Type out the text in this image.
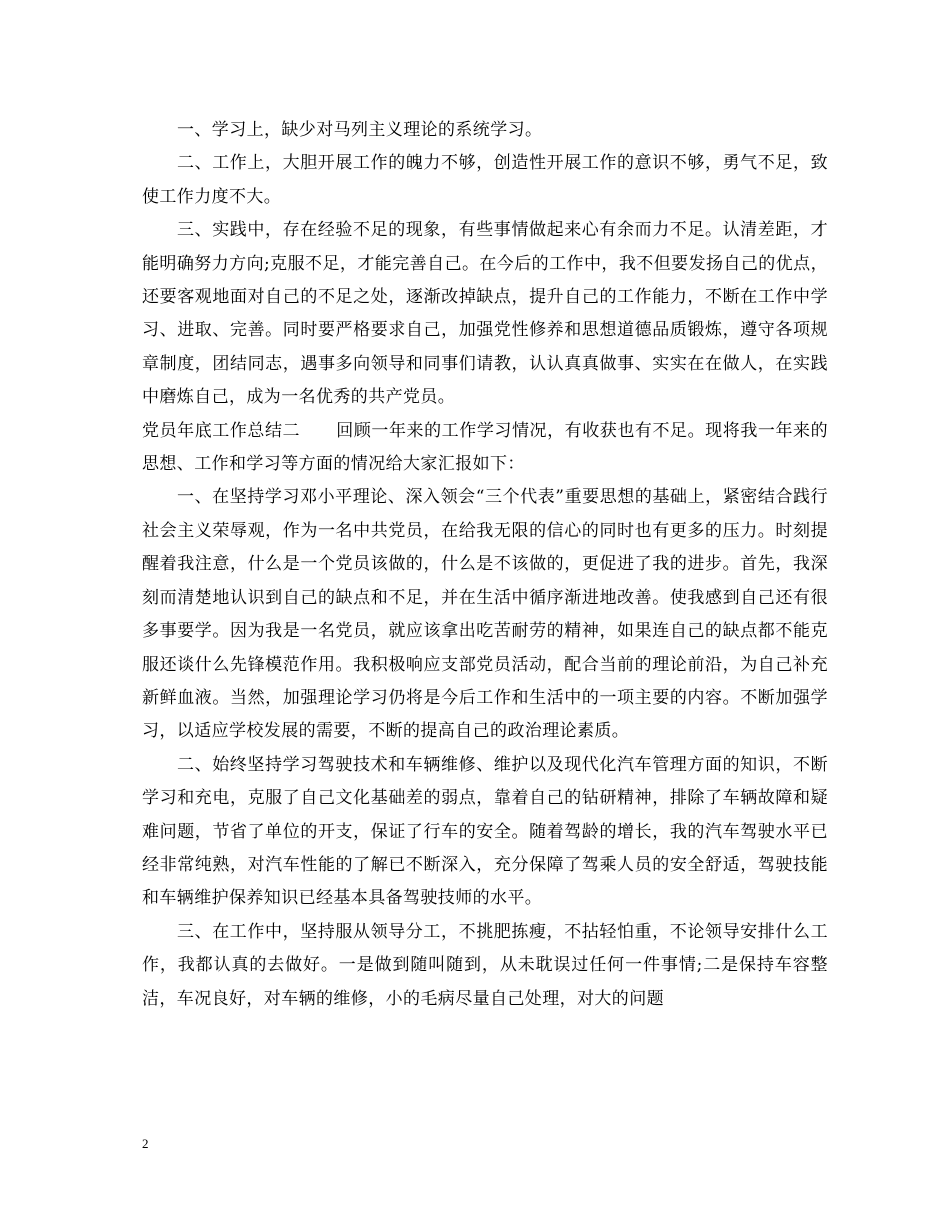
一、学习上，缺少对马列主义理论的系统学习。

二、工作上，大胆开展工作的魄力不够，创造性开展工作的意识不够，勇气不足，致使工作力度不大。

三、实践中，存在经验不足的现象，有些事情做起来心有余而力不足。认清差距，才能明确努力方向;克服不足，才能完善自己。在今后的工作中，我不但要发扬自己的优点，还要客观地面对自己的不足之处，逐渐改掉缺点，提升自己的工作能力，不断在工作中学习、进取、完善。同时要严格要求自己，加强党性修养和思想道德品质锻炼，遵守各项规章制度，团结同志，遇事多向领导和同事们请教，认认真真做事、实实在在做人，在实践中磨炼自己，成为一名优秀的共产党员。

党员年底工作总结二 回顾一年来的工作学习情况，有收获也有不足。现将我一年来的思想、工作和学习等方面的情况给大家汇报如下：

一、在坚持学习邓小平理论、深入领会“三个代表”重要思想的基础上，紧密结合践行社会主义荣辱观，作为一名中共党员，在给我无限的信心的同时也有更多的压力。时刻提醒着我注意，什么是一个党员该做的，什么是不该做的，更促进了我的进步。首先，我深刻而清楚地认识到自己的缺点和不足，并在生活中循序渐进地改善。使我感到自己还有很多事要学。因为我是一名党员，就应该拿出吃苦耐劳的精神，如果连自己的缺点都不能克服还谈什么先锋模范作用。我积极响应支部党员活动，配合当前的理论前沿，为自己补充新鲜血液。当然，加强理论学习仍将是今后工作和生活中的一项主要的内容。不断加强学习，以适应学校发展的需要，不断的提高自己的政治理论素质。

二、始终坚持学习驾驶技术和车辆维修、维护以及现代化汽车管理方面的知识，不断学习和充电，克服了自己文化基础差的弱点，靠着自己的钻研精神，排除了车辆故障和疑难问题，节省了单位的开支，保证了行车的安全。随着驾龄的增长，我的汽车驾驶水平已经非常纯熟，对汽车性能的了解已不断深入，充分保障了驾乘人员的安全舒适，驾驶技能和车辆维护保养知识已经基本具备驾驶技师的水平。

三、在工作中，坚持服从领导分工，不挑肥拣瘦，不拈轻怕重，不论领导安排什么工作，我都认真的去做好。一是做到随叫随到，从未耽误过任何一件事情;二是保持车容整洁，车况良好，对车辆的维修，小的毛病尽量自己处理，对大的问题

2
